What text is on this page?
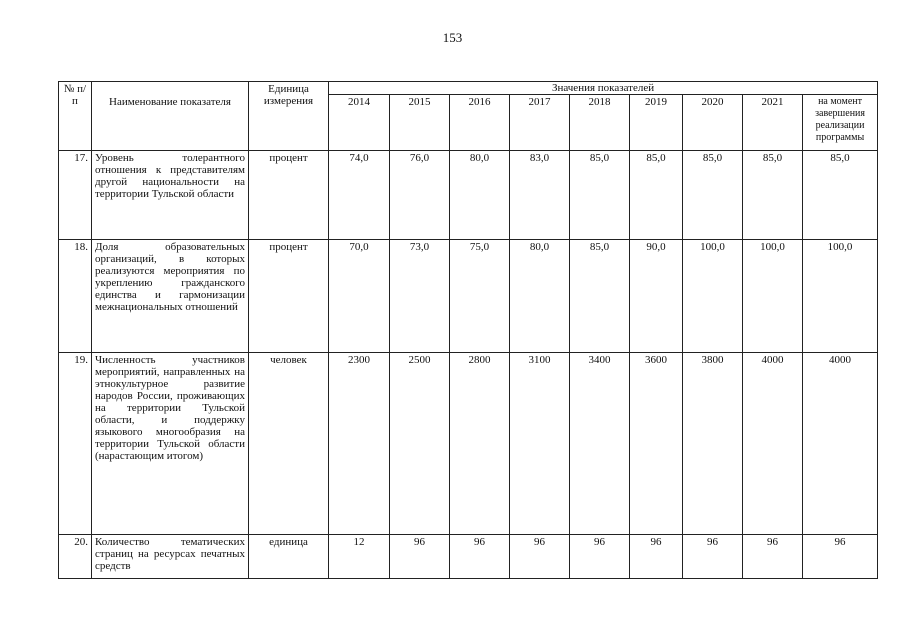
153
№ п/п	Наименование показателя	Единица измерения	Значения показателей								
			2014	2015	2016	2017	2018	2019	2020	2021	на момент завершения реализации программы
17.	Уровень толерантного отношения к представителям другой национальности на территории Тульской области	процент	74,0	76,0	80,0	83,0	85,0	85,0	85,0	85,0	85,0
18.	Доля образовательных организаций, в которых реализуются мероприятия по укреплению гражданского единства и гармонизации межнациональных отношений	процент	70,0	73,0	75,0	80,0	85,0	90,0	100,0	100,0	100,0
19.	Численность участников мероприятий, направленных на этнокультурное развитие народов России, проживающих на территории Тульской области, и поддержку языкового многообразия на территории Тульской области (нарастающим итогом)	человек	2300	2500	2800	3100	3400	3600	3800	4000	4000
20.	Количество тематических страниц на ресурсах печатных средств	единица	12	96	96	96	96	96	96	96	96
